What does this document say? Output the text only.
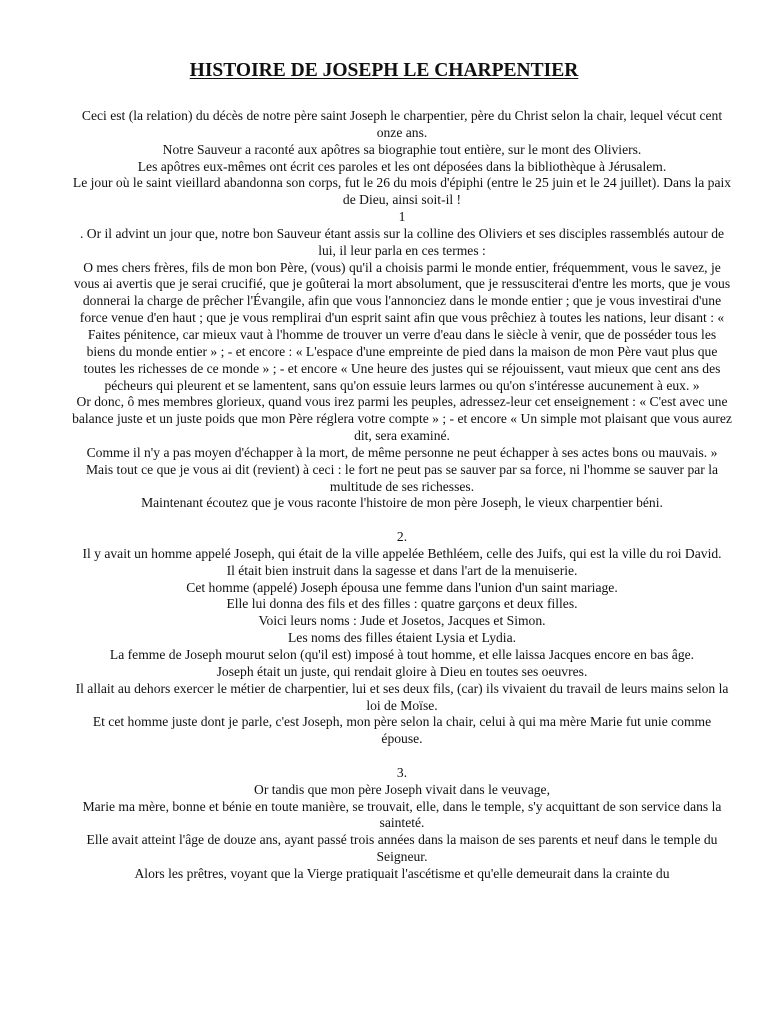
HISTOIRE DE JOSEPH LE CHARPENTIER

Ceci est (la relation) du décès de notre père saint Joseph le charpentier, père du Christ selon la chair, lequel vécut cent onze ans.

Notre Sauveur a raconté aux apôtres sa biographie tout entière, sur le mont des Oliviers.

Les apôtres eux-mêmes ont écrit ces paroles et les ont déposées dans la bibliothèque à Jérusalem.

Le jour où le saint vieillard abandonna son corps, fut le 26 du mois d'épiphi (entre le 25 juin et le 24 juillet). Dans la paix de Dieu, ainsi soit-il !

1

. Or il advint un jour que, notre bon Sauveur étant assis sur la colline des Oliviers et ses disciples rassemblés autour de lui, il leur parla en ces termes :

O mes chers frères, fils de mon bon Père, (vous) qu'il a choisis parmi le monde entier, fréquemment, vous le savez, je vous ai avertis que je serai crucifié, que je goûterai la mort absolument, que je ressusciterai d'entre les morts, que je vous donnerai la charge de prêcher l'Évangile, afin que vous l'annonciez dans le monde entier ; que je vous investirai d'une force venue d'en haut ; que je vous remplirai d'un esprit saint afin que vous prêchiez à toutes les nations, leur disant : « Faites pénitence, car mieux vaut à l'homme de trouver un verre d'eau dans le siècle à venir, que de posséder tous les biens du monde entier » ; - et encore : « L'espace d'une empreinte de pied dans la maison de mon Père vaut plus que toutes les richesses de ce monde » ; - et encore « Une heure des justes qui se réjouissent, vaut mieux que cent ans des pécheurs qui pleurent et se lamentent, sans qu'on essuie leurs larmes ou qu'on s'intéresse aucunement à eux. »

Or donc, ô mes membres glorieux, quand vous irez parmi les peuples, adressez-leur cet enseignement : « C'est avec une balance juste et un juste poids que mon Père réglera votre compte » ; - et encore « Un simple mot plaisant que vous aurez dit, sera examiné.

Comme il n'y a pas moyen d'échapper à la mort, de même personne ne peut échapper à ses actes bons ou mauvais. »

Mais tout ce que je vous ai dit (revient) à ceci : le fort ne peut pas se sauver par sa force, ni l'homme se sauver par la multitude de ses richesses.

Maintenant écoutez que je vous raconte l'histoire de mon père Joseph, le vieux charpentier béni.

2.

Il y avait un homme appelé Joseph, qui était de la ville appelée Bethléem, celle des Juifs, qui est la ville du roi David.

Il était bien instruit dans la sagesse et dans l'art de la menuiserie.

Cet homme (appelé) Joseph épousa une femme dans l'union d'un saint mariage.

Elle lui donna des fils et des filles : quatre garçons et deux filles.

Voici leurs noms : Jude et Josetos, Jacques et Simon.

Les noms des filles étaient Lysia et Lydia.

La femme de Joseph mourut selon (qu'il est) imposé à tout homme, et elle laissa Jacques encore en bas âge.

Joseph était un juste, qui rendait gloire à Dieu en toutes ses oeuvres.

Il allait au dehors exercer le métier de charpentier, lui et ses deux fils, (car) ils vivaient du travail de leurs mains selon la loi de Moïse.

Et cet homme juste dont je parle, c'est Joseph, mon père selon la chair, celui à qui ma mère Marie fut unie comme épouse.

3.

Or tandis que mon père Joseph vivait dans le veuvage,

Marie ma mère, bonne et bénie en toute manière, se trouvait, elle, dans le temple, s'y acquittant de son service dans la sainteté.

Elle avait atteint l'âge de douze ans, ayant passé trois années dans la maison de ses parents et neuf dans le temple du Seigneur.

Alors les prêtres, voyant que la Vierge pratiquait l'ascétisme et qu'elle demeurait dans la crainte du
